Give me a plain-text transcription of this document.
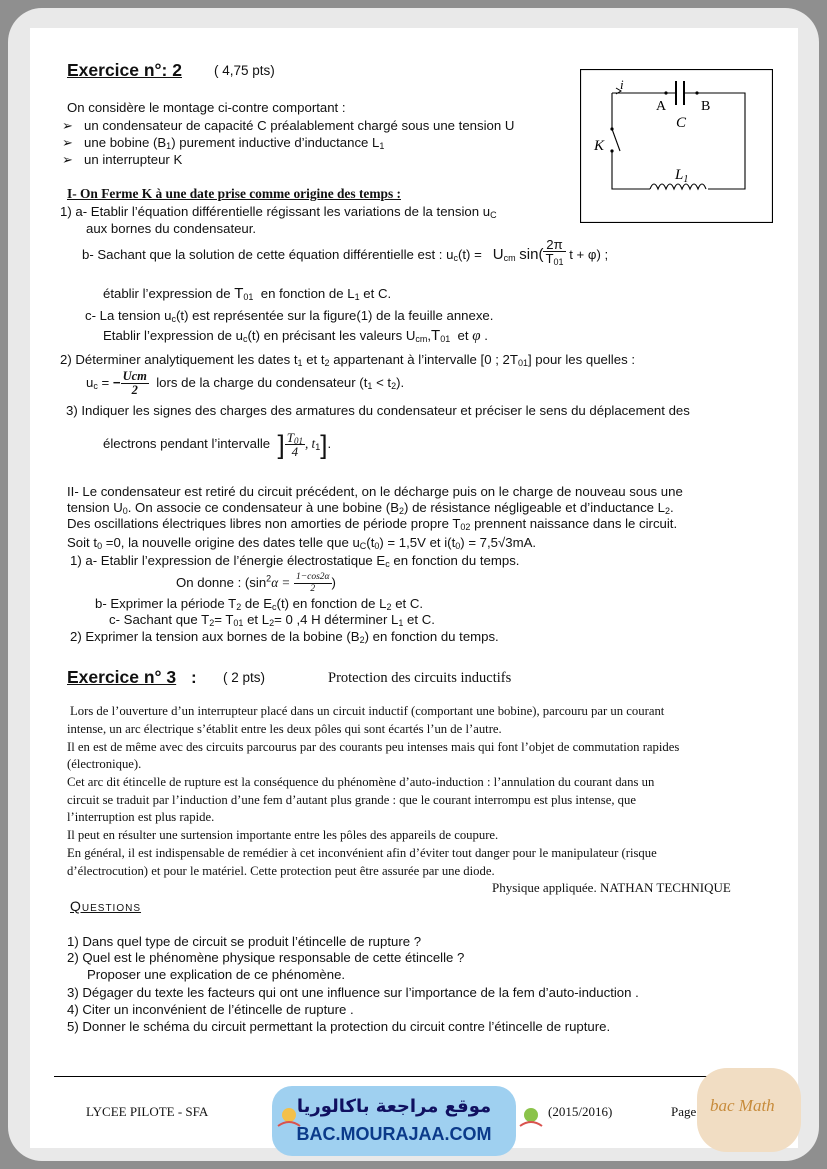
Exercice n°: 2 ( 4,75 pts)
On considère le montage ci-contre comportant :
➢   un condensateur de capacité C préalablement chargé sous une tension U
➢   une bobine $(B_1)$ purement inductive d’inductance $L_1$
➢   un interrupteur K
i
A B
C
K
$L_1$
I- On Ferme K à une date prise comme origine des temps :
1) a- Etablir l’équation différentielle régissant les variations de la tension $u_C$
aux bornes du condensateur.
b- Sachant que la solution de cette équation différentielle est : $u_c(t) = U_{cm}$ $\sin( \frac{2\pi}{T_{01}}$ t + φ) ;
établir l’expression de $T_{01}$ en fonction de $L_1$ et C.
c- La tension $u_c(t)$ est représentée sur la figure(1) de la feuille annexe.
Etablir l’expression de $u_c(t)$ en précisant les valeurs $U_{cm},T_{01}$ et φ .
2) Déterminer analytiquement les dates $t_1$ et $t_2$ appartenant à l’intervalle [0 ; $2T_{01}$] pour les quelles :
$u_c$ = − $\frac{\text{Ucm}}{2}$ lors de la charge du condensateur $(t_1 < t_2)$.
3) Indiquer les signes des charges des armatures du condensateur et préciser le sens du déplacement des
électrons pendant l’intervalle ] $\frac{T_{01}}{4}$ , $t_1$].
II- Le condensateur est retiré du circuit précédent, on le décharge puis on le charge de nouveau sous une
tension $U_0$. On associe ce condensateur à une bobine $(B_2)$ de résistance négligeable et d’inductance $L_2$.
Des oscillations électriques libres non amorties de période propre $T_{02}$ prennent naissance dans le circuit.
Soit $t_0 =0$, la nouvelle origine des dates telle que $u_C(t_0) = 1,5V$ et $i(t_0) = 7,5√3mA$.
1) a- Etablir l’expression de l’énergie électrostatique $E_c$ en fonction du temps.
On donne : ($\sin^2\alpha = \frac{1-\cos 2\alpha}{2}$ )
b- Exprimer la période $T_2$ de $E_c(t)$ en fonction de $L_2$ et C.
c- Sachant que $T_2= T_{01}$ et $L_2= 0$ ,4 H déterminer $L_1$ et C.
2) Exprimer la tension aux bornes de la bobine $(B_2)$ en fonction du temps.
Exercice n° 3 : ( 2 pts)	Protection des circuits inductifs
Lors de l’ouverture d’un interrupteur placé dans un circuit inductif (comportant une bobine), parcouru par un courant
intense, un arc électrique s’établit entre les deux pôles qui sont écartés l’un de l’autre.
Il en est de même avec des circuits parcourus par des courants peu intenses mais qui font l’objet de commutation rapides
(électronique).
Cet arc dit étincelle de rupture est la conséquence du phénomène d’auto-induction : l’annulation du courant dans un
circuit se traduit par l’induction d’une fem d’autant plus grande : que le courant interrompu est plus intense, que
l’interruption est plus rapide.
Il peut en résulter une surtension importante entre les pôles des appareils de coupure.
En général, il est indispensable de remédier à cet inconvénient afin d’éviter tout danger pour le manipulateur (risque
d’électrocution) et pour le matériel. Cette protection peut être assurée par une diode.
Physique appliquée. NATHAN TECHNIQUE
Questions
1) Dans quel type de circuit se produit l’étincelle de rupture ?
2) Quel est le phénomène physique responsable de cette étincelle ?
Proposer une explication de ce phénomène.
3) Dégager du texte les facteurs qui ont une influence sur l’importance de la fem d’auto-induction .
4) Citer un inconvénient de l’étincelle de rupture .
5) Donner le schéma du circuit permettant la protection du circuit contre l’étincelle de rupture.
LYCEE PILOTE - SFA	(2015/2016)	Page
موقع مراجعة باكالوريا
BAC.MOURAJAA.COM
bac Math
